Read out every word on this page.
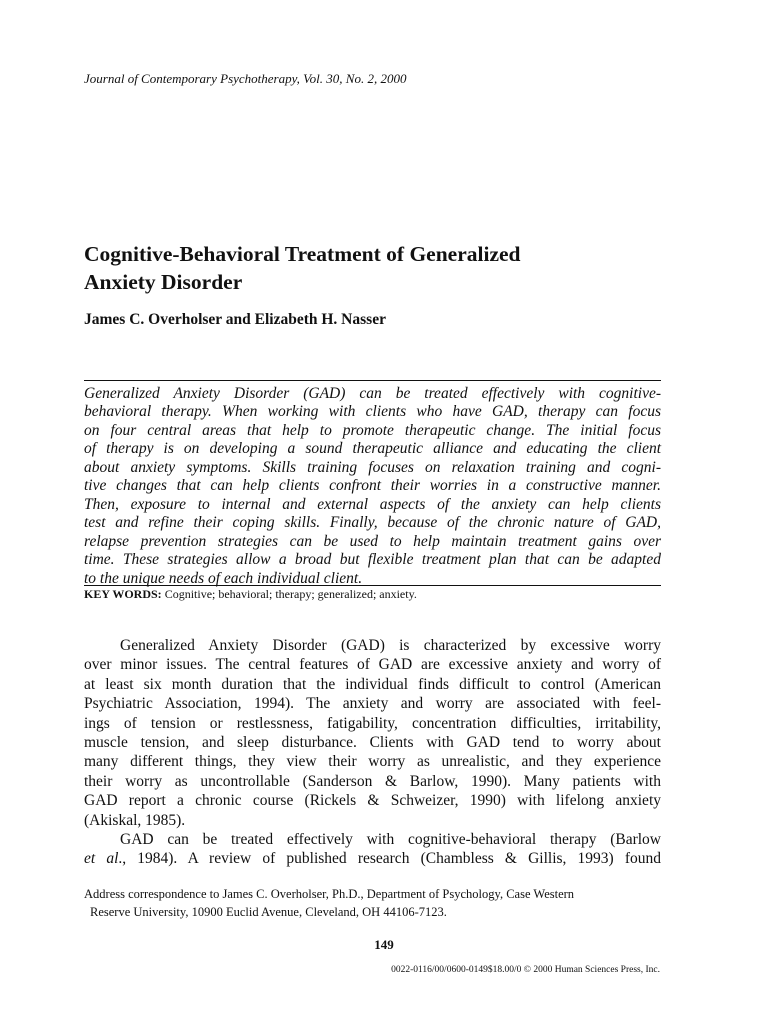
Journal of Contemporary Psychotherapy, Vol. 30, No. 2, 2000
Cognitive-Behavioral Treatment of Generalized
Anxiety Disorder
James C. Overholser and Elizabeth H. Nasser
Generalized Anxiety Disorder (GAD) can be treated effectively with cognitive-
behavioral therapy. When working with clients who have GAD, therapy can focus
on four central areas that help to promote therapeutic change. The initial focus
of therapy is on developing a sound therapeutic alliance and educating the client
about anxiety symptoms. Skills training focuses on relaxation training and cogni-
tive changes that can help clients confront their worries in a constructive manner.
Then, exposure to internal and external aspects of the anxiety can help clients
test and refine their coping skills. Finally, because of the chronic nature of GAD,
relapse prevention strategies can be used to help maintain treatment gains over
time. These strategies allow a broad but flexible treatment plan that can be adapted
to the unique needs of each individual client.
KEY WORDS: Cognitive; behavioral; therapy; generalized; anxiety.
Generalized Anxiety Disorder (GAD) is characterized by excessive worry
over minor issues. The central features of GAD are excessive anxiety and worry of
at least six month duration that the individual finds difficult to control (American
Psychiatric Association, 1994). The anxiety and worry are associated with feel-
ings of tension or restlessness, fatigability, concentration difficulties, irritability,
muscle tension, and sleep disturbance. Clients with GAD tend to worry about
many different things, they view their worry as unrealistic, and they experience
their worry as uncontrollable (Sanderson & Barlow, 1990). Many patients with
GAD report a chronic course (Rickels & Schweizer, 1990) with lifelong anxiety
(Akiskal, 1985).
GAD can be treated effectively with cognitive-behavioral therapy (Barlow
et al., 1984). A review of published research (Chambless & Gillis, 1993) found
Address correspondence to James C. Overholser, Ph.D., Department of Psychology, Case Western
Reserve University, 10900 Euclid Avenue, Cleveland, OH 44106-7123.
149
0022-0116/00/0600-0149$18.00/0 © 2000 Human Sciences Press, Inc.
